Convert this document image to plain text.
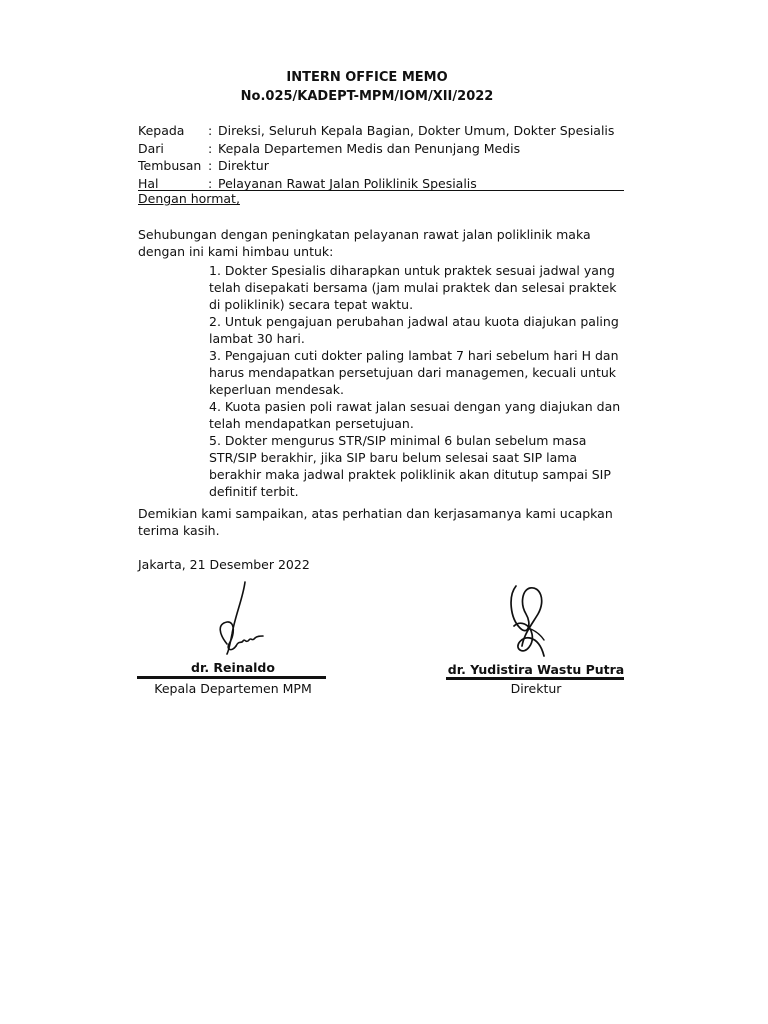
INTERN OFFICE MEMO
No.025/KADEPT-MPM/IOM/XII/2022
Kepada	: Direksi, Seluruh Kepala Bagian, Dokter Umum, Dokter Spesialis
Dari	: Kepala Departemen Medis dan Penunjang Medis
Tembusan : Direktur
Hal	: Pelayanan Rawat Jalan Poliklinik Spesialis
Dengan hormat,
Sehubungan dengan peningkatan pelayanan rawat jalan poliklinik maka dengan ini kami himbau untuk:

1. Dokter Spesialis diharapkan untuk praktek sesuai jadwal yang telah disepakati bersama (jam mulai praktek dan selesai praktek di poliklinik) secara tepat waktu.

2. Untuk pengajuan perubahan jadwal atau kuota diajukan paling lambat 30 hari.

3. Pengajuan cuti dokter paling lambat 7 hari sebelum hari H dan harus mendapatkan persetujuan dari managemen, kecuali untuk keperluan mendesak.

4. Kuota pasien poli rawat jalan sesuai dengan yang diajukan dan telah mendapatkan persetujuan.

5. Dokter mengurus STR/SIP minimal 6 bulan sebelum masa STR/SIP berakhir, jika SIP baru belum selesai saat SIP lama berakhir maka jadwal praktek poliklinik akan ditutup sampai SIP definitif terbit.

Demikian kami sampaikan, atas perhatian dan kerjasamanya kami ucapkan terima kasih.
Jakarta, 21 Desember 2022
dr. Reinaldo
Kepala Departemen MPM
dr. Yudistira Wastu Putra
Direktur
